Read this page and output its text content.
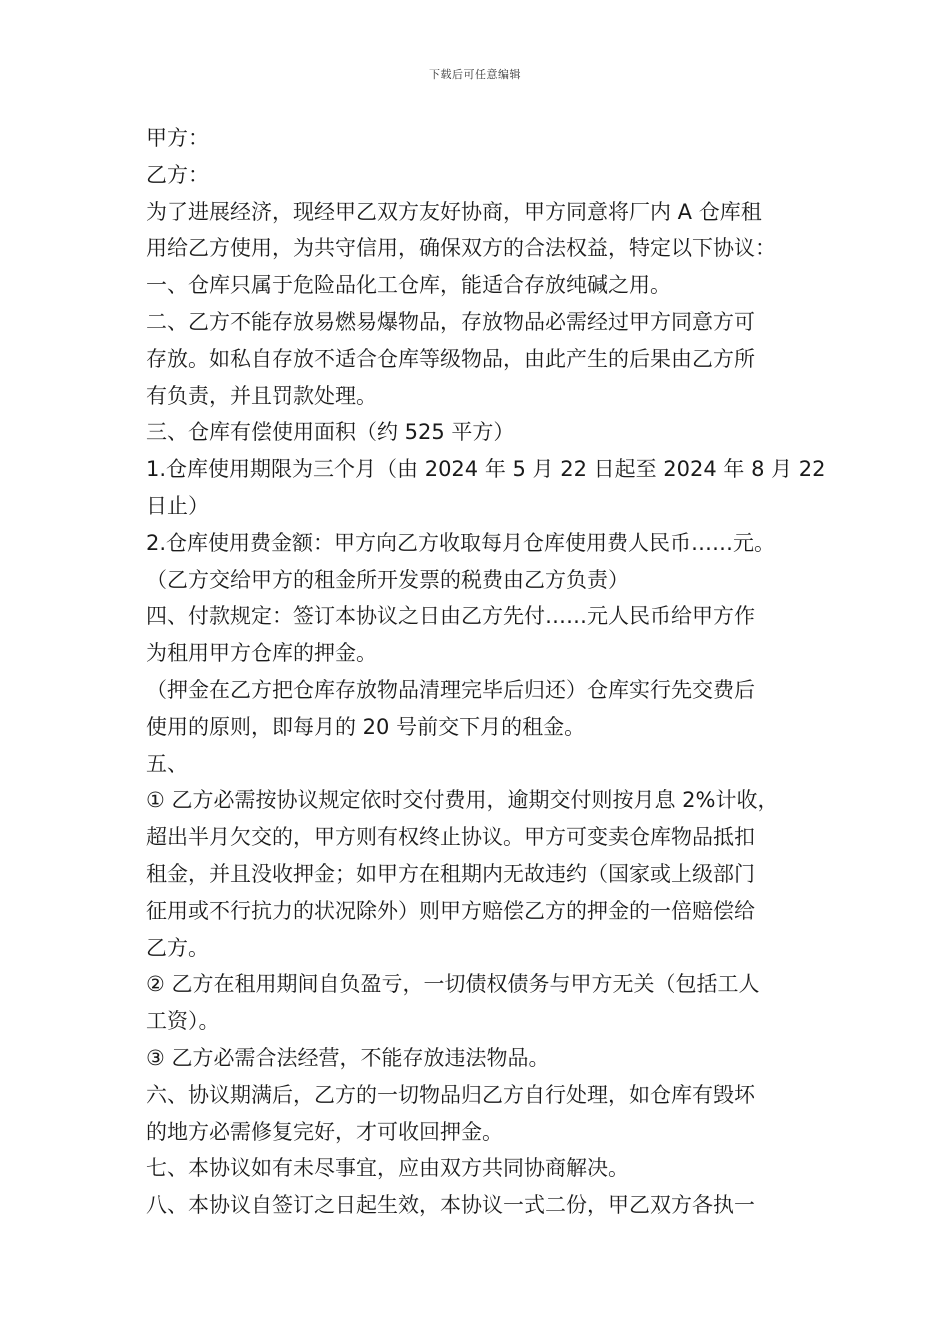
下载后可任意编辑
甲方：
乙方：
为了进展经济，现经甲乙双方友好协商，甲方同意将厂内 A 仓库租
用给乙方使用，为共守信用，确保双方的合法权益，特定以下协议：
一、仓库只属于危险品化工仓库，能适合存放纯碱之用。
二、乙方不能存放易燃易爆物品，存放物品必需经过甲方同意方可
存放。如私自存放不适合仓库等级物品，由此产生的后果由乙方所
有负责，并且罚款处理。
三、仓库有偿使用面积（约 525 平方）
1.仓库使用期限为三个月（由 2024 年 5 月 22 日起至 2024 年 8 月 22
日止）
2.仓库使用费金额：甲方向乙方收取每月仓库使用费人民币……元。
（乙方交给甲方的租金所开发票的税费由乙方负责）
四、付款规定：签订本协议之日由乙方先付……元人民币给甲方作
为租用甲方仓库的押金。
（押金在乙方把仓库存放物品清理完毕后归还）仓库实行先交费后
使用的原则，即每月的 20 号前交下月的租金。
五、
① 乙方必需按协议规定依时交付费用，逾期交付则按月息 2%计收，
超出半月欠交的，甲方则有权终止协议。甲方可变卖仓库物品抵扣
租金，并且没收押金；如甲方在租期内无故违约（国家或上级部门
征用或不行抗力的状况除外）则甲方赔偿乙方的押金的一倍赔偿给
乙方。
② 乙方在租用期间自负盈亏，一切债权债务与甲方无关（包括工人
工资）。
③ 乙方必需合法经营，不能存放违法物品。
六、协议期满后，乙方的一切物品归乙方自行处理，如仓库有毁坏
的地方必需修复完好，才可收回押金。
七、本协议如有未尽事宜，应由双方共同协商解决。
八、本协议自签订之日起生效，本协议一式二份，甲乙双方各执一
